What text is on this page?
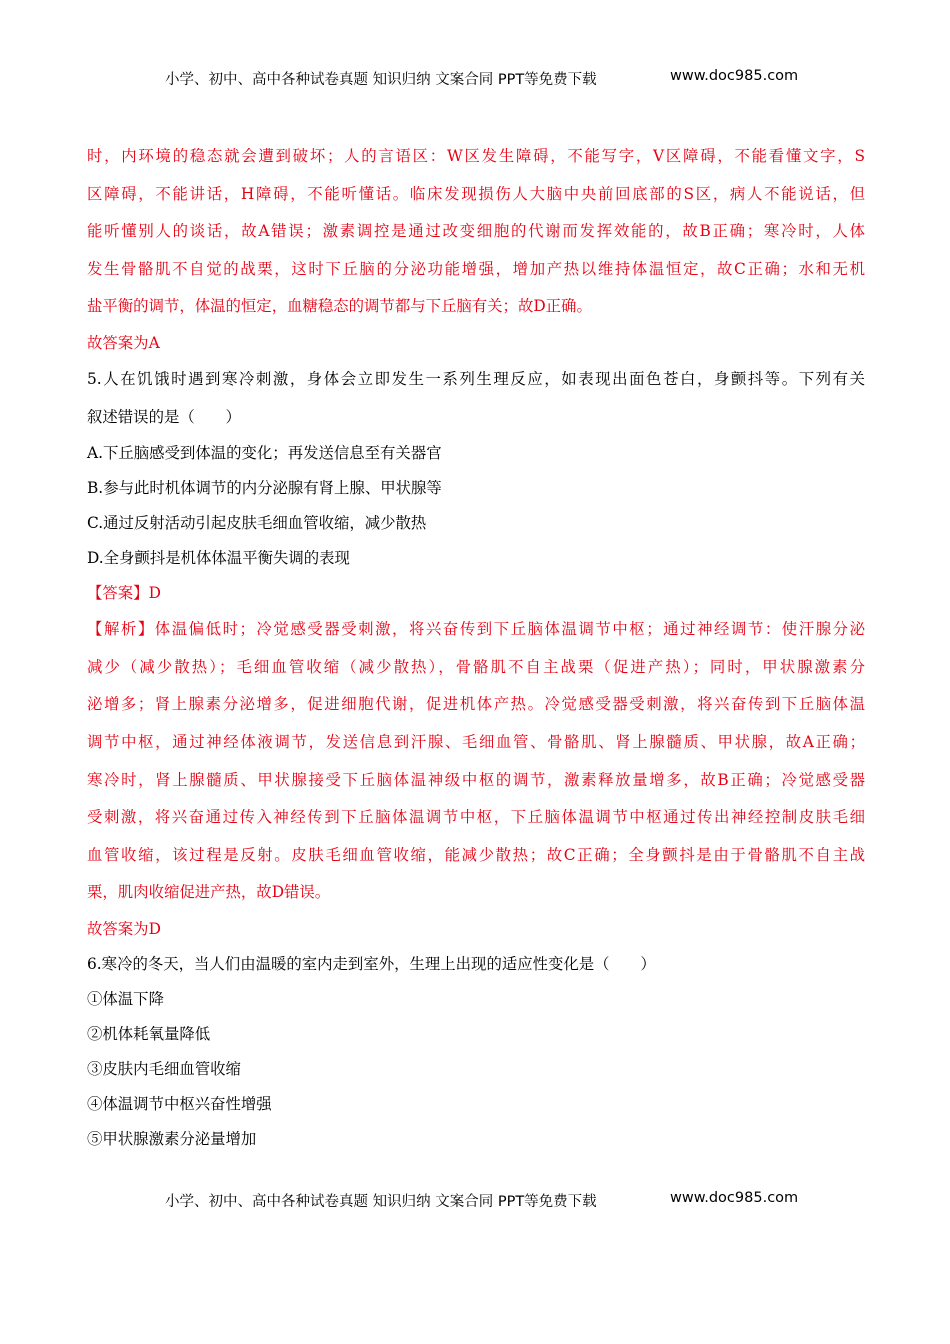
小学、初中、高中各种试卷真题 知识归纳 文案合同 PPT等免费下载	www.doc985.com
时，内环境的稳态就会遭到破坏；人的言语区：W区发生障碍，不能写字，V区障碍，不能看懂文字，S
区障碍，不能讲话，H障碍，不能听懂话。临床发现损伤人大脑中央前回底部的S区，病人不能说话，但
能听懂别人的谈话，故A错误；激素调控是通过改变细胞的代谢而发挥效能的，故B正确；寒冷时，人体
发生骨骼肌不自觉的战栗，这时下丘脑的分泌功能增强，增加产热以维持体温恒定，故C正确；水和无机
盐平衡的调节，体温的恒定，血糖稳态的调节都与下丘脑有关；故D正确。
故答案为A
5.人在饥饿时遇到寒冷刺激，身体会立即发生一系列生理反应，如表现出面色苍白，身颤抖等。下列有关
叙述错误的是（　　）
A.下丘脑感受到体温的变化；再发送信息至有关器官
B.参与此时机体调节的内分泌腺有肾上腺、甲状腺等
C.通过反射活动引起皮肤毛细血管收缩，减少散热
D.全身颤抖是机体体温平衡失调的表现
【答案】D
【解析】体温偏低时；冷觉感受器受刺激，将兴奋传到下丘脑体温调节中枢；通过神经调节：使汗腺分泌
减少（减少散热）；毛细血管收缩（减少散热），骨骼肌不自主战栗（促进产热）；同时，甲状腺激素分
泌增多；肾上腺素分泌增多，促进细胞代谢，促进机体产热。冷觉感受器受刺激，将兴奋传到下丘脑体温
调节中枢，通过神经体液调节，发送信息到汗腺、毛细血管、骨骼肌、肾上腺髓质、甲状腺，故A正确；
寒冷时，肾上腺髓质、甲状腺接受下丘脑体温神级中枢的调节，激素释放量增多，故B正确；冷觉感受器
受刺激，将兴奋通过传入神经传到下丘脑体温调节中枢，下丘脑体温调节中枢通过传出神经控制皮肤毛细
血管收缩，该过程是反射。皮肤毛细血管收缩，能减少散热；故C正确；全身颤抖是由于骨骼肌不自主战
栗，肌肉收缩促进产热，故D错误。
故答案为D
6.寒冷的冬天，当人们由温暖的室内走到室外，生理上出现的适应性变化是（　　）
①体温下降
②机体耗氧量降低
③皮肤内毛细血管收缩
④体温调节中枢兴奋性增强
⑤甲状腺激素分泌量增加
小学、初中、高中各种试卷真题 知识归纳 文案合同 PPT等免费下载	www.doc985.com
